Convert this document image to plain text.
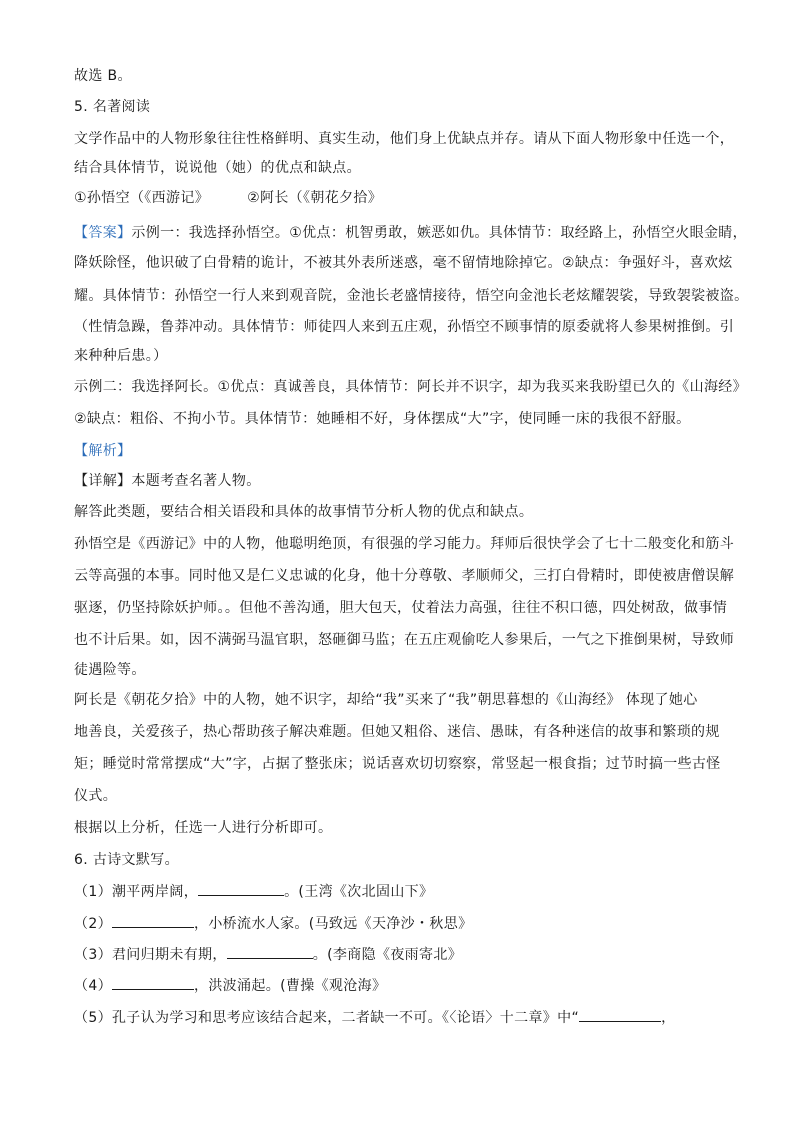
故选 B。
5. 名著阅读
文学作品中的人物形象往往性格鲜明、真实生动，他们身上优缺点并存。请从下面人物形象中任选一个，
结合具体情节，说说他（她）的优点和缺点。
①孙悟空（《西游记》	②阿长（《朝花夕拾》
【答案】示例一：我选择孙悟空。①优点：机智勇敢，嫉恶如仇。具体情节：取经路上，孙悟空火眼金睛，
降妖除怪，他识破了白骨精的诡计，不被其外表所迷惑，毫不留情地除掉它。②缺点：争强好斗，喜欢炫
耀。具体情节：孙悟空一行人来到观音院，金池长老盛情接待，悟空向金池长老炫耀袈裟，导致袈裟被盗。
（性情急躁，鲁莽冲动。具体情节：师徒四人来到五庄观，孙悟空不顾事情的原委就将人参果树推倒。引
来种种后患。）
示例二：我选择阿长。①优点：真诚善良，具体情节：阿长并不识字，却为我买来我盼望已久的《山海经》
②缺点：粗俗、不拘小节。具体情节：她睡相不好，身体摆成“大”字，使同睡一床的我很不舒服。
【解析】
【详解】本题考查名著人物。
解答此类题，要结合相关语段和具体的故事情节分析人物的优点和缺点。
孙悟空是《西游记》中的人物，他聪明绝顶，有很强的学习能力。拜师后很快学会了七十二般变化和筋斗
云等高强的本事。同时他又是仁义忠诚的化身，他十分尊敬、孝顺师父，三打白骨精时，即使被唐僧误解
驱逐，仍坚持除妖护师。。但他不善沟通，胆大包天，仗着法力高强，往往不积口德，四处树敌，做事情
也不计后果。如，因不满弼马温官职，怒砸御马监；在五庄观偷吃人参果后，一气之下推倒果树，导致师
徒遇险等。
阿长是《朝花夕拾》中的人物，她不识字，却给“我”买来了“我”朝思暮想的《山海经》 体现了她心
地善良，关爱孩子，热心帮助孩子解决难题。但她又粗俗、迷信、愚昧，有各种迷信的故事和繁琐的规
矩；睡觉时常常摆成“大”字，占据了整张床；说话喜欢切切察察，常竖起一根食指；过节时搞一些古怪
仪式。
根据以上分析，任选一人进行分析即可。
6. 古诗文默写。
（1）潮平两岸阔，	。(王湾《次北固山下》
（2）	，小桥流水人家。(马致远《天净沙・秋思》
（3）君问归期未有期，	。(李商隐《夜雨寄北》
（4）	，洪波涌起。(曹操《观沧海》
（5）孔子认为学习和思考应该结合起来，二者缺一不可。《〈论语〉十二章》中“	，
